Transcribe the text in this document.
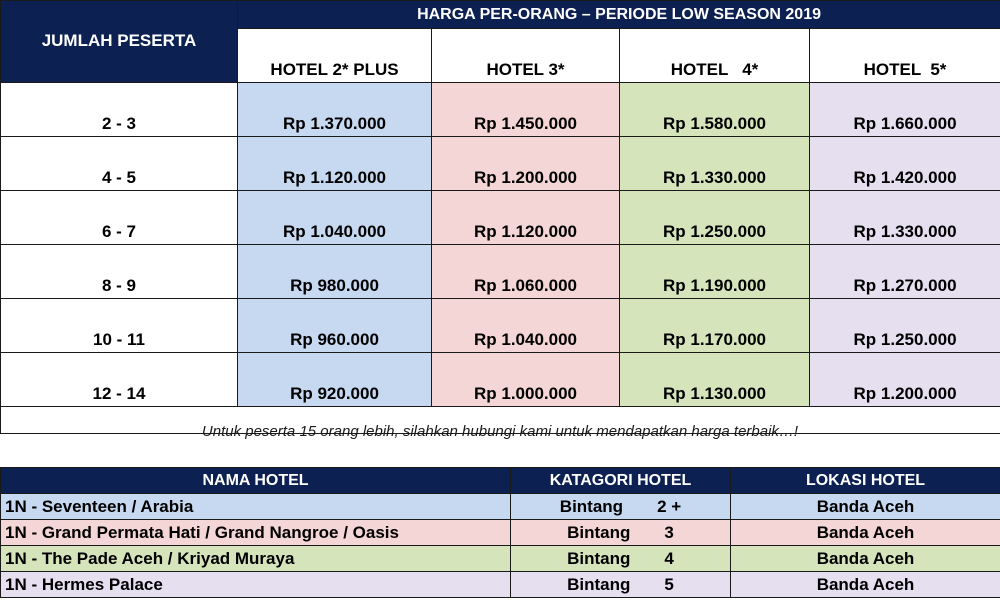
JUMLAH PESERTA	HARGA PER-ORANG – PERIODE LOW SEASON 2019			
	HOTEL 2* PLUS	HOTEL 3*	HOTEL   4*	HOTEL  5*
2 - 3	Rp 1.370.000	Rp 1.450.000	Rp 1.580.000	Rp 1.660.000
4 - 5	Rp 1.120.000	Rp 1.200.000	Rp 1.330.000	Rp 1.420.000
6 - 7	Rp 1.040.000	Rp 1.120.000	Rp 1.250.000	Rp 1.330.000
8 - 9	Rp 980.000	Rp 1.060.000	Rp 1.190.000	Rp 1.270.000
10 - 11	Rp 960.000	Rp 1.040.000	Rp 1.170.000	Rp 1.250.000
12 - 14	Rp 920.000	Rp 1.000.000	Rp 1.130.000	Rp 1.200.000

Untuk peserta 15 orang lebih, silahkan hubungi kami untuk mendapatkan harga terbaik…!
NAMA HOTEL	KATAGORI HOTEL	LOKASI HOTEL
1N - Seventeen / Arabia	Bintang 2 +	Banda Aceh
1N - Grand Permata Hati / Grand Nangroe / Oasis	Bintang 3	Banda Aceh
1N - The Pade Aceh / Kriyad Muraya	Bintang 4	Banda Aceh
1N - Hermes Palace	Bintang 5	Banda Aceh
